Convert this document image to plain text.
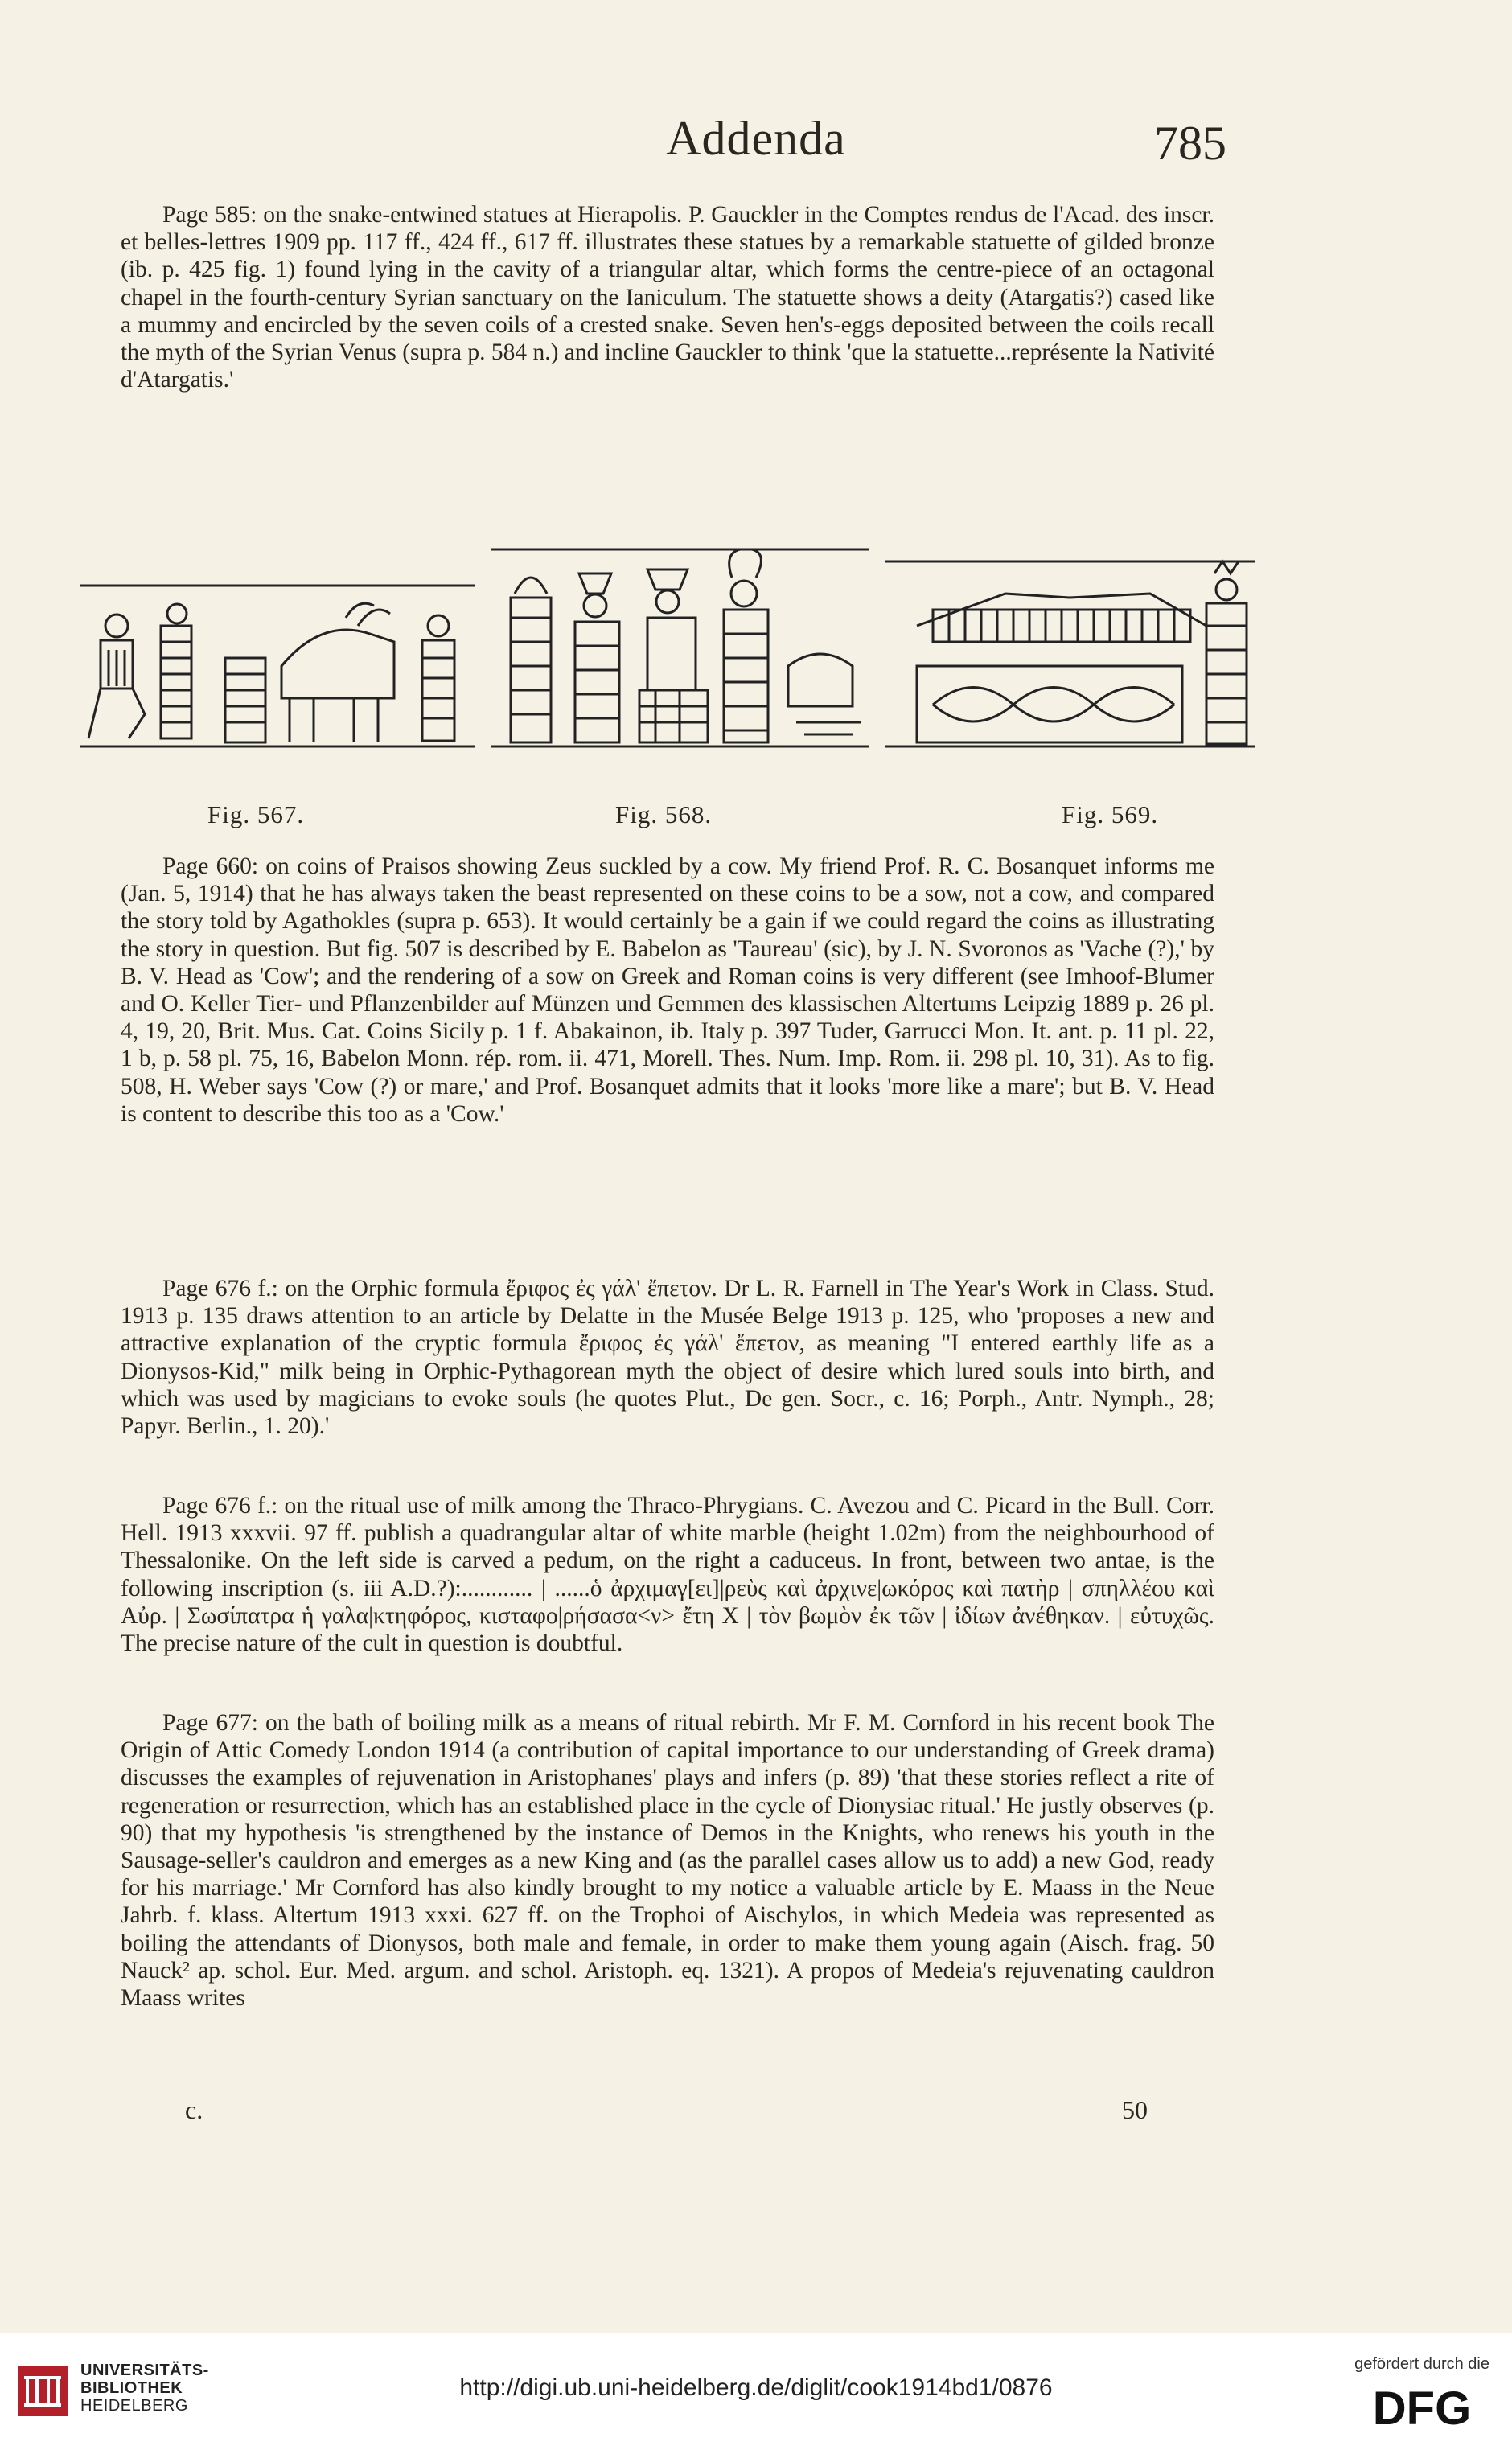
Addenda	785

Page 585: on the snake-entwined statues at Hierapolis. P. Gauckler in the Comptes rendus de l'Acad. des inscr. et belles-lettres 1909 pp. 117 ff., 424 ff., 617 ff. illustrates these statues by a remarkable statuette of gilded bronze (ib. p. 425 fig. 1) found lying in the cavity of a triangular altar, which forms the centre-piece of an octagonal chapel in the fourth-century Syrian sanctuary on the Ianiculum. The statuette shows a deity (Atargatis?) cased like a mummy and encircled by the seven coils of a crested snake. Seven hen's-eggs deposited between the coils recall the myth of the Syrian Venus (supra p. 584 n.) and incline Gauckler to think 'que la statuette...représente la Nativité d'Atargatis.'

Fig. 567.	Fig. 568.	Fig. 569.

Page 660: on coins of Praisos showing Zeus suckled by a cow. My friend Prof. R. C. Bosanquet informs me (Jan. 5, 1914) that he has always taken the beast represented on these coins to be a sow, not a cow, and compared the story told by Agathokles (supra p. 653). It would certainly be a gain if we could regard the coins as illustrating the story in question. But fig. 507 is described by E. Babelon as 'Taureau' (sic), by J. N. Svoronos as 'Vache (?),' by B. V. Head as 'Cow'; and the rendering of a sow on Greek and Roman coins is very different (see Imhoof-Blumer and O. Keller Tier- und Pflanzenbilder auf Münzen und Gemmen des klassischen Altertums Leipzig 1889 p. 26 pl. 4, 19, 20, Brit. Mus. Cat. Coins Sicily p. 1 f. Abakainon, ib. Italy p. 397 Tuder, Garrucci Mon. It. ant. p. 11 pl. 22, 1 b, p. 58 pl. 75, 16, Babelon Monn. rép. rom. ii. 471, Morell. Thes. Num. Imp. Rom. ii. 298 pl. 10, 31). As to fig. 508, H. Weber says 'Cow (?) or mare,' and Prof. Bosanquet admits that it looks 'more like a mare'; but B. V. Head is content to describe this too as a 'Cow.'

Page 676 f.: on the Orphic formula ἔριφος ἐς γάλ' ἔπετον. Dr L. R. Farnell in The Year's Work in Class. Stud. 1913 p. 135 draws attention to an article by Delatte in the Musée Belge 1913 p. 125, who 'proposes a new and attractive explanation of the cryptic formula ἔριφος ἐς γάλ' ἔπετον, as meaning "I entered earthly life as a Dionysos-Kid," milk being in Orphic-Pythagorean myth the object of desire which lured souls into birth, and which was used by magicians to evoke souls (he quotes Plut., De gen. Socr., c. 16; Porph., Antr. Nymph., 28; Papyr. Berlin., 1. 20).'

Page 676 f.: on the ritual use of milk among the Thraco-Phrygians. C. Avezou and C. Picard in the Bull. Corr. Hell. 1913 xxxvii. 97 ff. publish a quadrangular altar of white marble (height 1.02m) from the neighbourhood of Thessalonike. On the left side is carved a pedum, on the right a caduceus. In front, between two antae, is the following inscription (s. iii A.D.?):............ | ......ὁ ἀρχιμαγ[ει]|ρεὺς καὶ ἀρχινε|ωκόρος καὶ πατὴρ | σπηλλέου καὶ Αὐρ. | Σωσίπατρα ἡ γαλα|κτηφόρος, κισταφο|ρήσασα<ν> ἔτη Χ | τὸν βωμὸν ἐκ τῶν | ἰδίων ἀνέθηκαν. | εὐτυχῶς. The precise nature of the cult in question is doubtful.

Page 677: on the bath of boiling milk as a means of ritual rebirth. Mr F. M. Cornford in his recent book The Origin of Attic Comedy London 1914 (a contribution of capital importance to our understanding of Greek drama) discusses the examples of rejuvenation in Aristophanes' plays and infers (p. 89) 'that these stories reflect a rite of regeneration or resurrection, which has an established place in the cycle of Dionysiac ritual.' He justly observes (p. 90) that my hypothesis 'is strengthened by the instance of Demos in the Knights, who renews his youth in the Sausage-seller's cauldron and emerges as a new King and (as the parallel cases allow us to add) a new God, ready for his marriage.' Mr Cornford has also kindly brought to my notice a valuable article by E. Maass in the Neue Jahrb. f. klass. Altertum 1913 xxxi. 627 ff. on the Trophoi of Aischylos, in which Medeia was represented as boiling the attendants of Dionysos, both male and female, in order to make them young again (Aisch. frag. 50 Nauck² ap. schol. Eur. Med. argum. and schol. Aristoph. eq. 1321). A propos of Medeia's rejuvenating cauldron Maass writes

c.	50
UNIVERSITÄTS-
BIBLIOTHEK
HEIDELBERG
http://digi.ub.uni-heidelberg.de/diglit/cook1914bd1/0876
gefördert durch die
DFG
